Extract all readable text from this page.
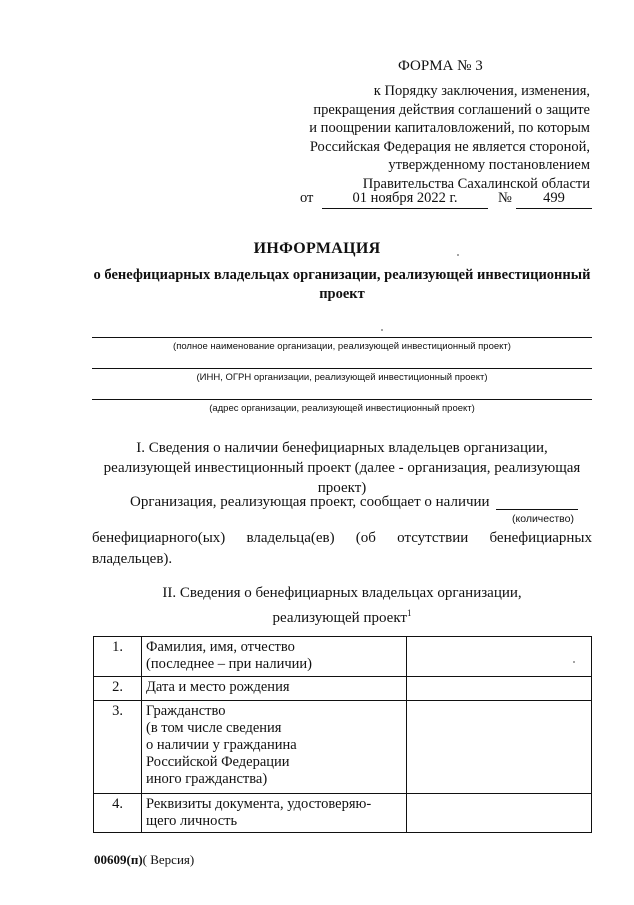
ФОРМА № 3
к Порядку заключения, изменения,
прекращения действия соглашений о защите
и поощрении капиталовложений, по которым
Российская Федерация не является стороной,
утвержденному постановлением
Правительства Сахалинской области
от	01 ноября 2022 г.	№	499
ИНФОРМАЦИЯ
о бенефициарных владельцах организации, реализующей инвестиционный проект
(полное наименование организации, реализующей инвестиционный проект)
(ИНН, ОГРН организации, реализующей инвестиционный проект)
(адрес организации, реализующей инвестиционный проект)
I. Сведения о наличии бенефициарных владельцев организации, реализующей инвестиционный проект (далее - организация, реализующая проект)
Организация, реализующая проект, сообщает о наличии
(количество)
бенефициарного(ых) владельца(ев) (об отсутствии бенефициарных владельцев).
II. Сведения о бенефициарных владельцах организации,
реализующей проект$^1$
1.	Фамилия, имя, отчество
(последнее – при наличии)	
2.	Дата и место рождения	
3.	Гражданство
(в том числе сведения
о наличии у гражданина
Российской Федерации
иного гражданства)	
4.	Реквизиты документа, удостоверяю-
щего личность	
00609(п)( Версия)
